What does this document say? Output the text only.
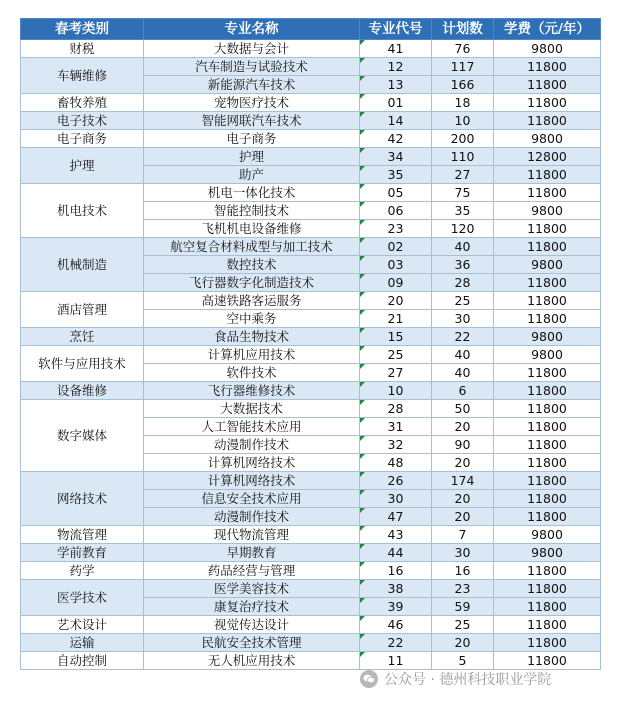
春考类别	专业名称	专业代号	计划数	学费（元/年）
财税	大数据与会计	41	76	9800
车辆维修	汽车制造与试验技术	12	117	11800
	新能源汽车技术	13	166	11800
畜牧养殖	宠物医疗技术	01	18	11800
电子技术	智能网联汽车技术	14	10	11800
电子商务	电子商务	42	200	9800
护理	护理	34	110	12800
	助产	35	27	11800
机电技术	机电一体化技术	05	75	11800
	智能控制技术	06	35	9800
	飞机机电设备维修	23	120	11800
机械制造	航空复合材料成型与加工技术	02	40	11800
	数控技术	03	36	9800
	飞行器数字化制造技术	09	28	11800
酒店管理	高速铁路客运服务	20	25	11800
	空中乘务	21	30	11800
烹饪	食品生物技术	15	22	9800
软件与应用技术	计算机应用技术	25	40	9800
	软件技术	27	40	11800
设备维修	飞行器维修技术	10	6	11800
数字媒体	大数据技术	28	50	11800
	人工智能技术应用	31	20	11800
	动漫制作技术	32	90	11800
	计算机网络技术	48	20	11800
网络技术	计算机网络技术	26	174	11800
	信息安全技术应用	30	20	11800
	动漫制作技术	47	20	11800
物流管理	现代物流管理	43	7	9800
学前教育	早期教育	44	30	9800
药学	药品经营与管理	16	16	11800
医学技术	医学美容技术	38	23	11800
	康复治疗技术	39	59	11800
艺术设计	视觉传达设计	46	25	11800
运输	民航安全技术管理	22	20	11800
自动控制	无人机应用技术	11	5	11800
公众号 · 德州科技职业学院
